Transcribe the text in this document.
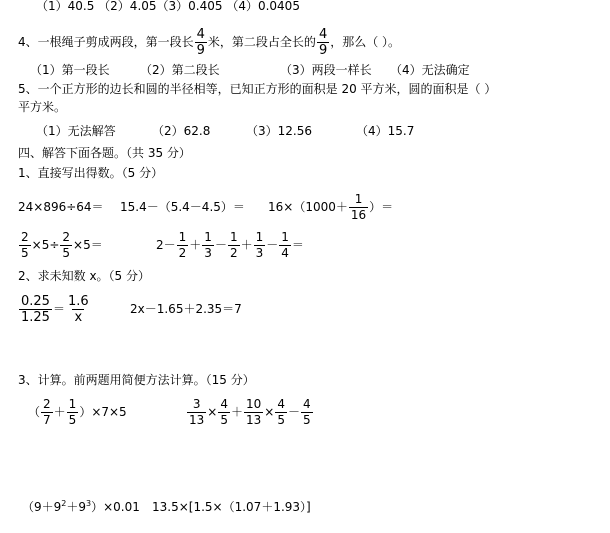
（1）40.5 （2）4.05（3）0.405 （4）0.0405
4、一根绳子剪成两段，第一段长 $\frac{4}{9}$ 米，第二段占全长的 $\frac{4}{9}$ ，那么（ ）。
（1）第一段长	（2）第二段长	（3）两段一样长 （4）无法确定
5、一个正方形的边长和圆的半径相等，已知正方形的面积是 20 平方米，圆的面积是（ ）
平方米。
（1）无法解答	（2）62.8	（3）12.56	（4）15.7
四、解答下面各题。（共 35 分）
1、直接写出得数。（5 分）
$24\times 896\div 64= 15.4-(5.4-4.5)= 16\times(1000+ \frac{1}{16}$ ）＝
$\frac{2}{5} \times 5\div \frac{2}{5} \times 5=$	$2- \frac{1}{2} + \frac{1}{3} - \frac{1}{2} + \frac{1}{3} - \frac{1}{4}$ ＝
2、求未知数 x。（5 分）
$\frac{0.25}{1.25} = \frac{1.6}{x}$	2x－1.65＋2.35＝7
3、计算。前两题用简便方法计算。（15 分）
（ $\frac{2}{7} + \frac{1}{5} )\times 7\times 5$	$\frac{3}{13} \times \frac{4}{5} + \frac{10}{13} \times \frac{4}{5} - \frac{4}{5}$
$(9+9^2+9^3)\times 0.01$ 13.5×[1.5×（1.07＋1.93）]
